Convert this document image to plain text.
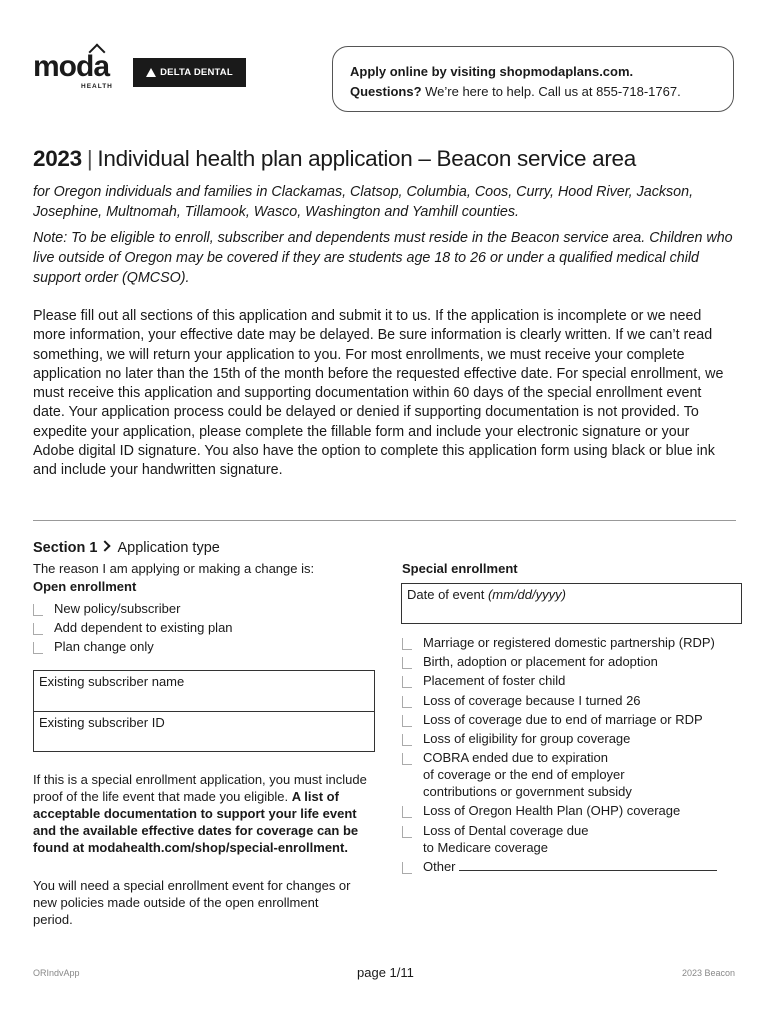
moda
HEALTH
DELTA DENTAL	Apply online by visiting shopmodaplans.com.
Questions? We’re here to help. Call us at 855-718-1767.
2023 | Individual health plan application – Beacon service area
for Oregon individuals and families in Clackamas, Clatsop, Columbia, Coos, Curry, Hood River, Jackson, Josephine, Multnomah, Tillamook, Wasco, Washington and Yamhill counties.
Note: To be eligible to enroll, subscriber and dependents must reside in the Beacon service area. Children who live outside of Oregon may be covered if they are students age 18 to 26 or under a qualified medical child support order (QMCSO).
Please fill out all sections of this application and submit it to us. If the application is incomplete or we need more information, your effective date may be delayed. Be sure information is clearly written. If we can’t read something, we will return your application to you. For most enrollments, we must receive your complete application no later than the 15th of the month before the requested effective date. For special enrollment, we must receive this application and supporting documentation within 60 days of the special enrollment event date. Your application process could be delayed or denied if supporting documentation is not provided. To expedite your application, please complete the fillable form and include your electronic signature or your Adobe digital ID signature. You also have the option to complete this application form using black or blue ink and include your handwritten signature.
Section 1 Application type
The reason I am applying or making a change is:
Open enrollment
New policy/subscriber
Add dependent to existing plan
Plan change only
Existing subscriber name
Existing subscriber ID
If this is a special enrollment application, you must include proof of the life event that made you eligible. A list of acceptable documentation to support your life event and the available effective dates for coverage can be found at modahealth.com/shop/special-enrollment.
You will need a special enrollment event for changes or new policies made outside of the open enrollment period.
Special enrollment
Date of event (mm/dd/yyyy)
Marriage or registered domestic partnership (RDP)
Birth, adoption or placement for adoption
Placement of foster child
Loss of coverage because I turned 26
Loss of coverage due to end of marriage or RDP
Loss of eligibility for group coverage
COBRA ended due to expiration
of coverage or the end of employer contributions or government subsidy
Loss of Oregon Health Plan (OHP) coverage
Loss of Dental coverage due
to Medicare coverage
Other
ORIndvApp	page 1/11	2023 Beacon
